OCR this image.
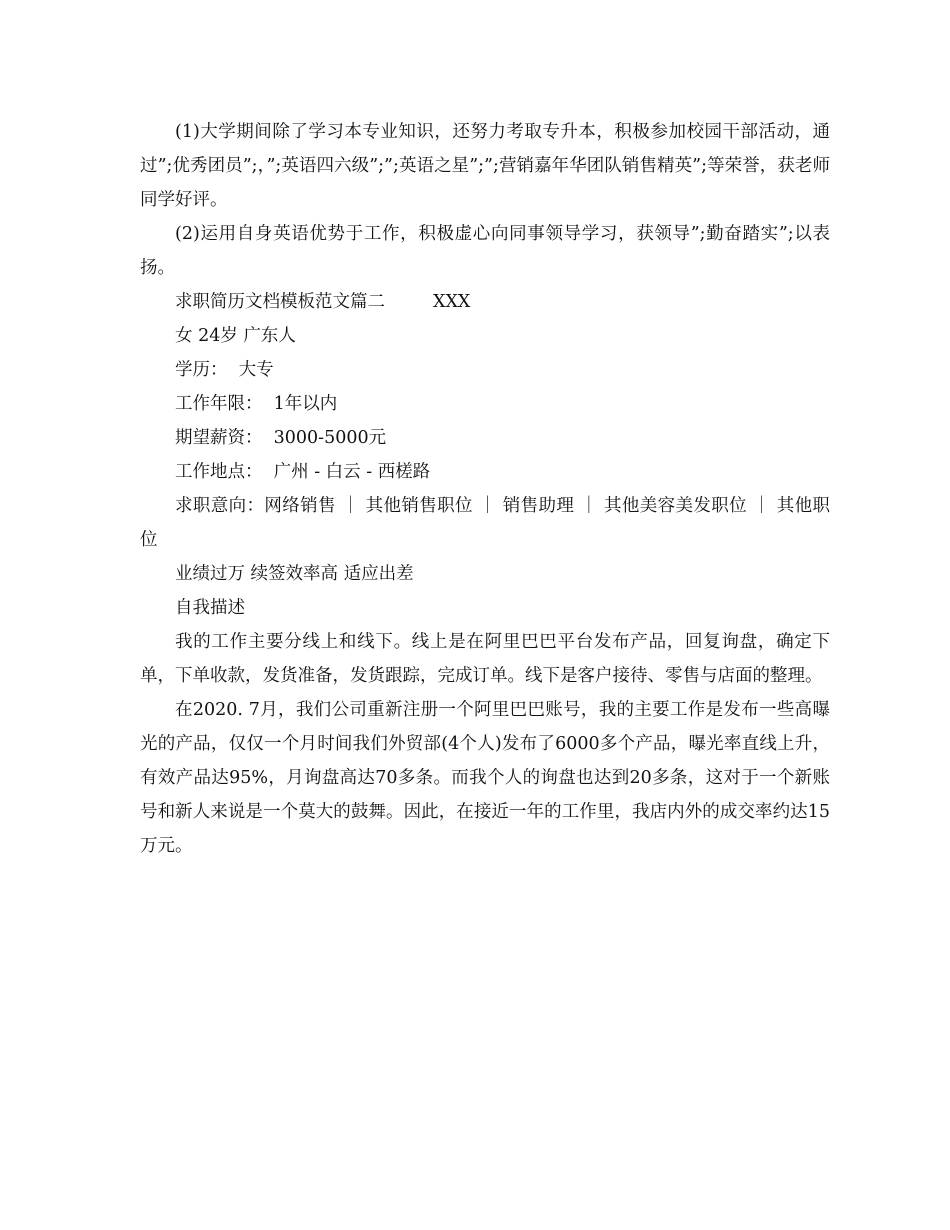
(1)大学期间除了学习本专业知识，还努力考取专升本，积极参加校园干部活动，通过”;优秀团员”;，”;英语四六级”;”;英语之星”;”;营销嘉年华团队销售精英”;等荣誉，获老师同学好评。

(2)运用自身英语优势于工作，积极虚心向同事领导学习，获领导”;勤奋踏实”;以表扬。

求职简历文档模板范文篇二	XXX

女 24岁 广东人

学历：  大专

工作年限：  1年以内

期望薪资：  3000-5000元

工作地点：  广州 - 白云 - 西槎路

求职意向：网络销售 ｜ 其他销售职位 ｜ 销售助理 ｜ 其他美容美发职位 ｜ 其他职位

业绩过万 续签效率高 适应出差

自我描述

我的工作主要分线上和线下。线上是在阿里巴巴平台发布产品，回复询盘，确定下单，下单收款，发货准备，发货跟踪，完成订单。线下是客户接待、零售与店面的整理。

在2020. 7月，我们公司重新注册一个阿里巴巴账号，我的主要工作是发布一些高曝光的产品，仅仅一个月时间我们外贸部(4个人)发布了6000多个产品，曝光率直线上升，有效产品达95%，月询盘高达70多条。而我个人的询盘也达到20多条，这对于一个新账号和新人来说是一个莫大的鼓舞。因此，在接近一年的工作里，我店内外的成交率约达15万元。
